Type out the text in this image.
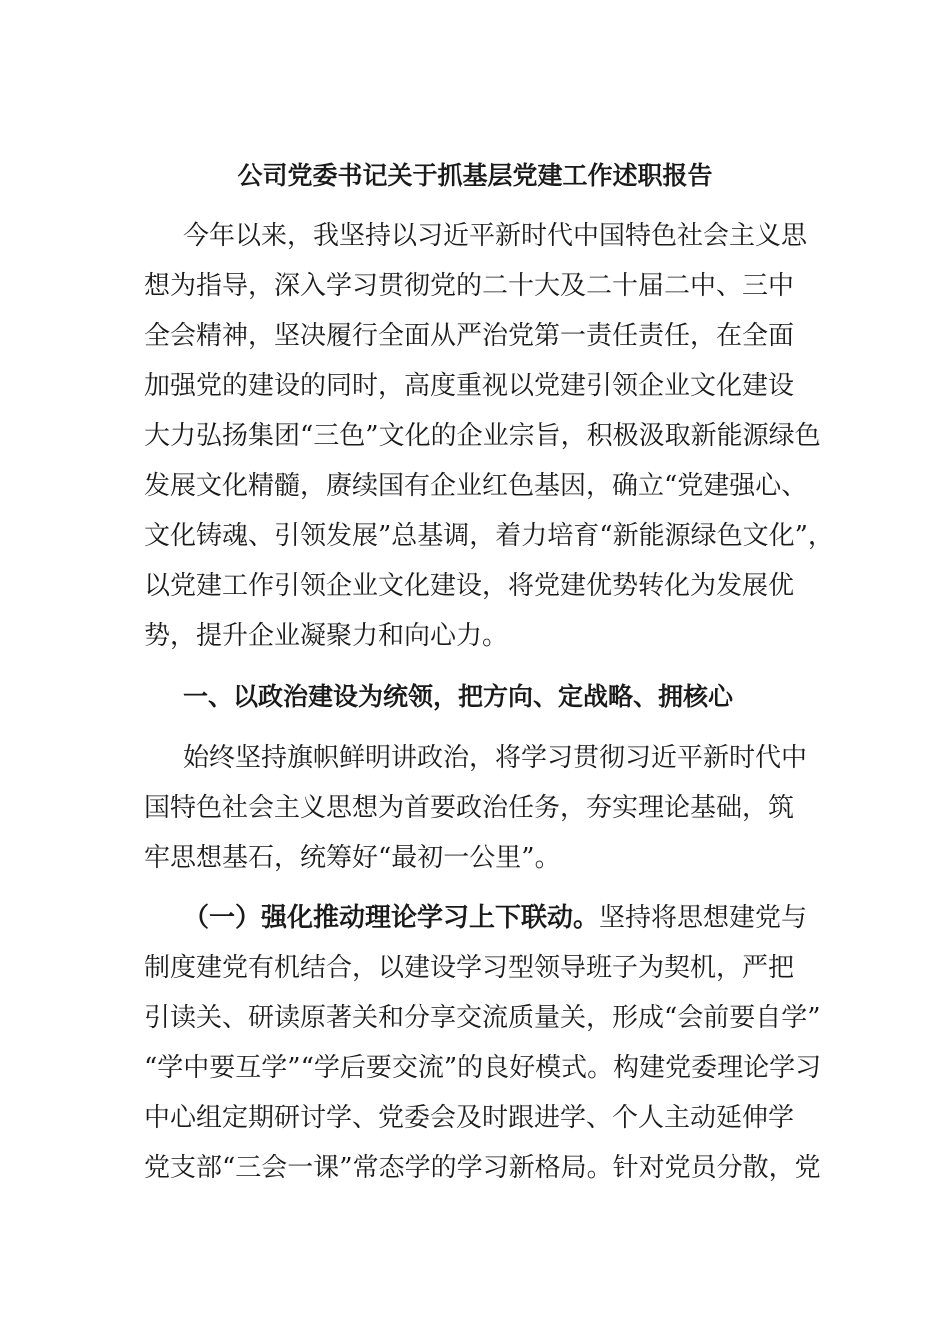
公司党委书记关于抓基层党建工作述职报告

今年以来，我坚持以习近平新时代中国特色社会主义思

想为指导，深入学习贯彻党的二十大及二十届二中、三中

全会精神，坚决履行全面从严治党第一责任责任，在全面

加强党的建设的同时，高度重视以党建引领企业文化建设

大力弘扬集团“三色”文化的企业宗旨，积极汲取新能源绿色

发展文化精髓，赓续国有企业红色基因，确立“党建强心、

文化铸魂、引领发展”总基调，着力培育“新能源绿色文化”，

以党建工作引领企业文化建设，将党建优势转化为发展优

势，提升企业凝聚力和向心力。

一、以政治建设为统领，把方向、定战略、拥核心

始终坚持旗帜鲜明讲政治，将学习贯彻习近平新时代中

国特色社会主义思想为首要政治任务，夯实理论基础，筑

牢思想基石，统筹好“最初一公里”。

（一）强化推动理论学习上下联动。坚持将思想建党与

制度建党有机结合，以建设学习型领导班子为契机，严把

引读关、研读原著关和分享交流质量关，形成“会前要自学”

“学中要互学”“学后要交流”的良好模式。构建党委理论学习

中心组定期研讨学、党委会及时跟进学、个人主动延伸学

党支部“三会一课”常态学的学习新格局。针对党员分散，党
